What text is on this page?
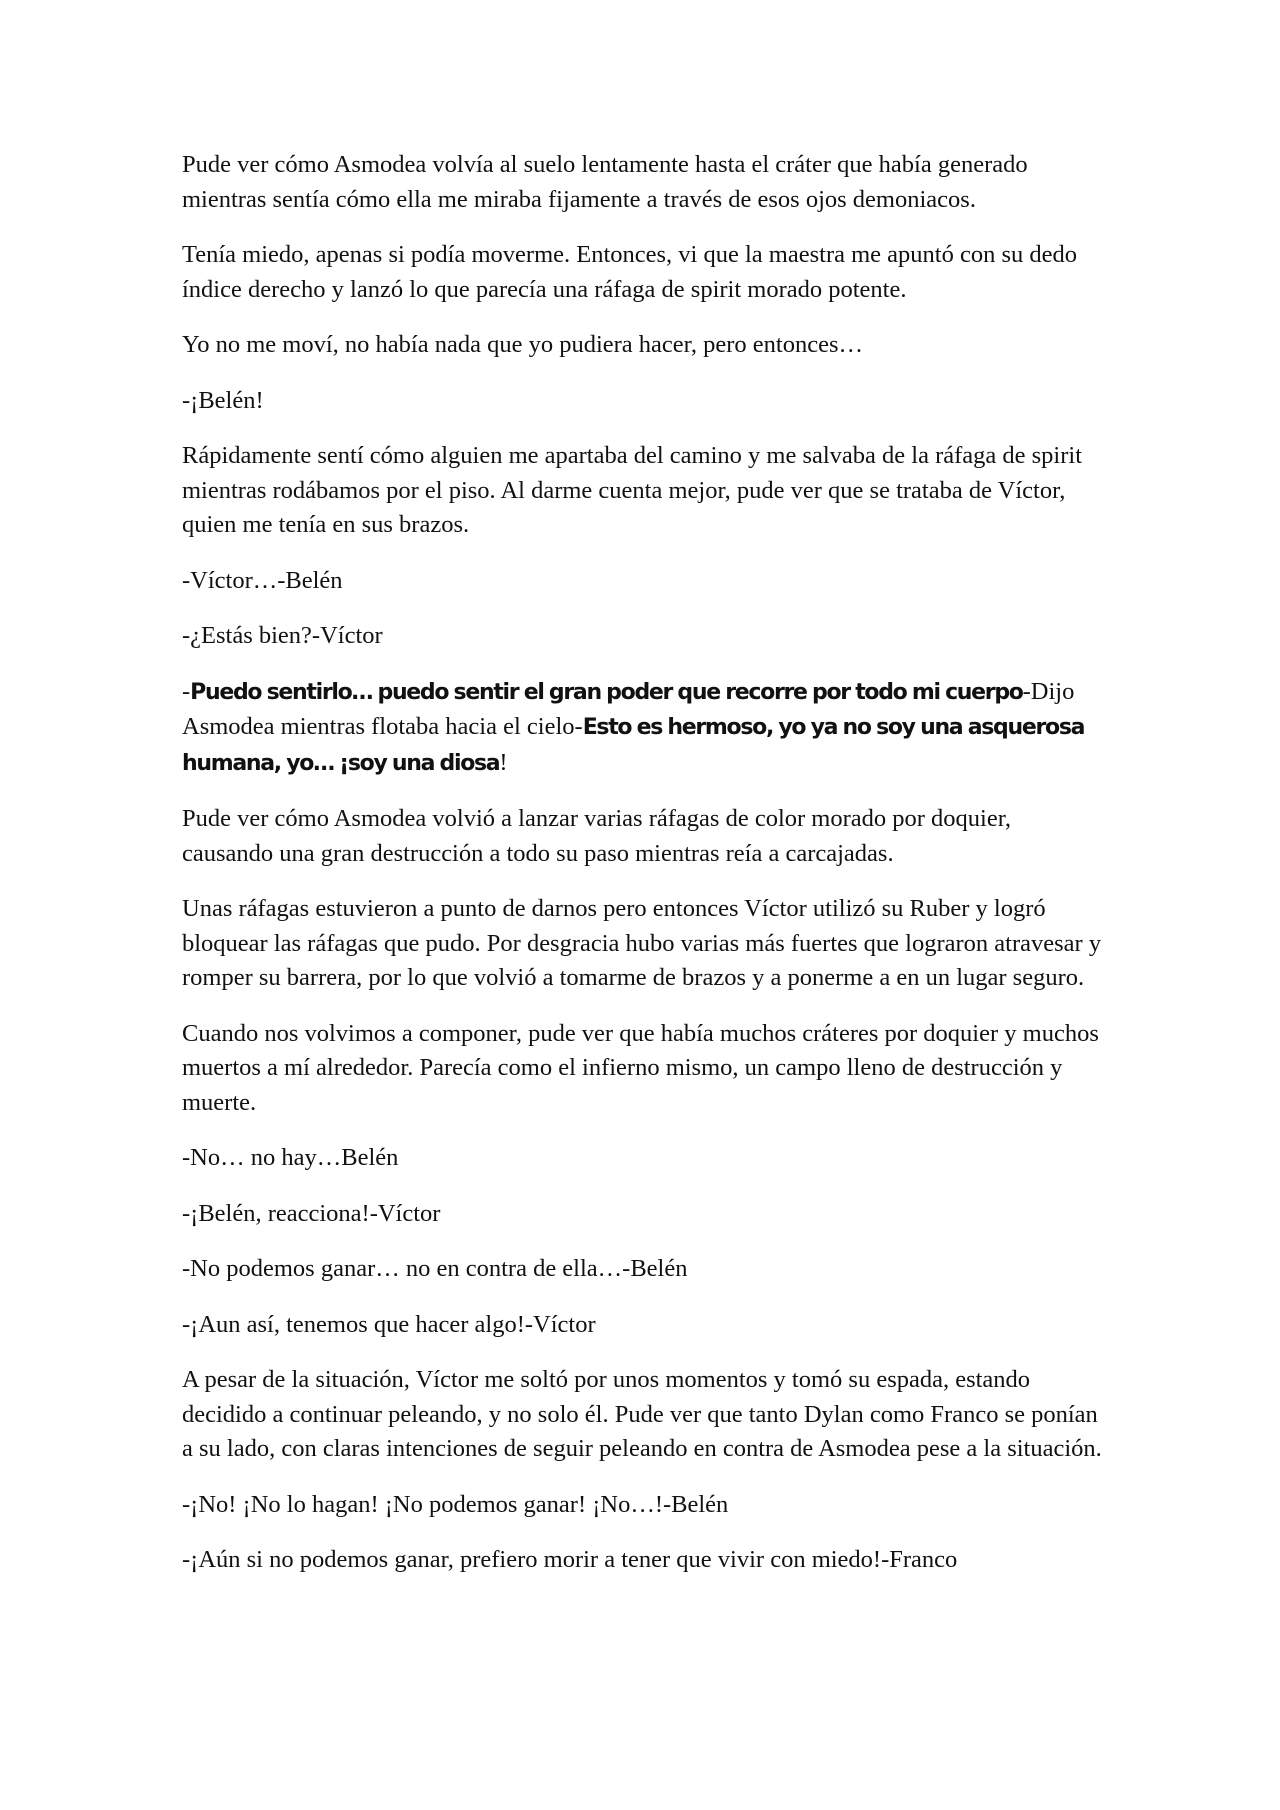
Pude ver cómo Asmodea volvía al suelo lentamente hasta el cráter que había generado mientras sentía cómo ella me miraba fijamente a través de esos ojos demoniacos.

Tenía miedo, apenas si podía moverme. Entonces, vi que la maestra me apuntó con su dedo índice derecho y lanzó lo que parecía una ráfaga de spirit morado potente.

Yo no me moví, no había nada que yo pudiera hacer, pero entonces…

-¡Belén!

Rápidamente sentí cómo alguien me apartaba del camino y me salvaba de la ráfaga de spirit mientras rodábamos por el piso. Al darme cuenta mejor, pude ver que se trataba de Víctor, quien me tenía en sus brazos.

-Víctor…-Belén

-¿Estás bien?-Víctor

-Puedo sentirlo… puedo sentir el gran poder que recorre por todo mi cuerpo-Dijo Asmodea mientras flotaba hacia el cielo-Esto es hermoso, yo ya no soy una asquerosa humana, yo… ¡soy una diosa!

Pude ver cómo Asmodea volvió a lanzar varias ráfagas de color morado por doquier, causando una gran destrucción a todo su paso mientras reía a carcajadas.

Unas ráfagas estuvieron a punto de darnos pero entonces Víctor utilizó su Ruber y logró bloquear las ráfagas que pudo. Por desgracia hubo varias más fuertes que lograron atravesar y romper su barrera, por lo que volvió a tomarme de brazos y a ponerme a en un lugar seguro.

Cuando nos volvimos a componer, pude ver que había muchos cráteres por doquier y muchos muertos a mí alrededor. Parecía como el infierno mismo, un campo lleno de destrucción y muerte.

-No… no hay…Belén

-¡Belén, reacciona!-Víctor

-No podemos ganar… no en contra de ella…-Belén

-¡Aun así, tenemos que hacer algo!-Víctor

A pesar de la situación, Víctor me soltó por unos momentos y tomó su espada, estando decidido a continuar peleando, y no solo él. Pude ver que tanto Dylan como Franco se ponían a su lado, con claras intenciones de seguir peleando en contra de Asmodea pese a la situación.

-¡No! ¡No lo hagan! ¡No podemos ganar! ¡No…!-Belén

-¡Aún si no podemos ganar, prefiero morir a tener que vivir con miedo!-Franco
